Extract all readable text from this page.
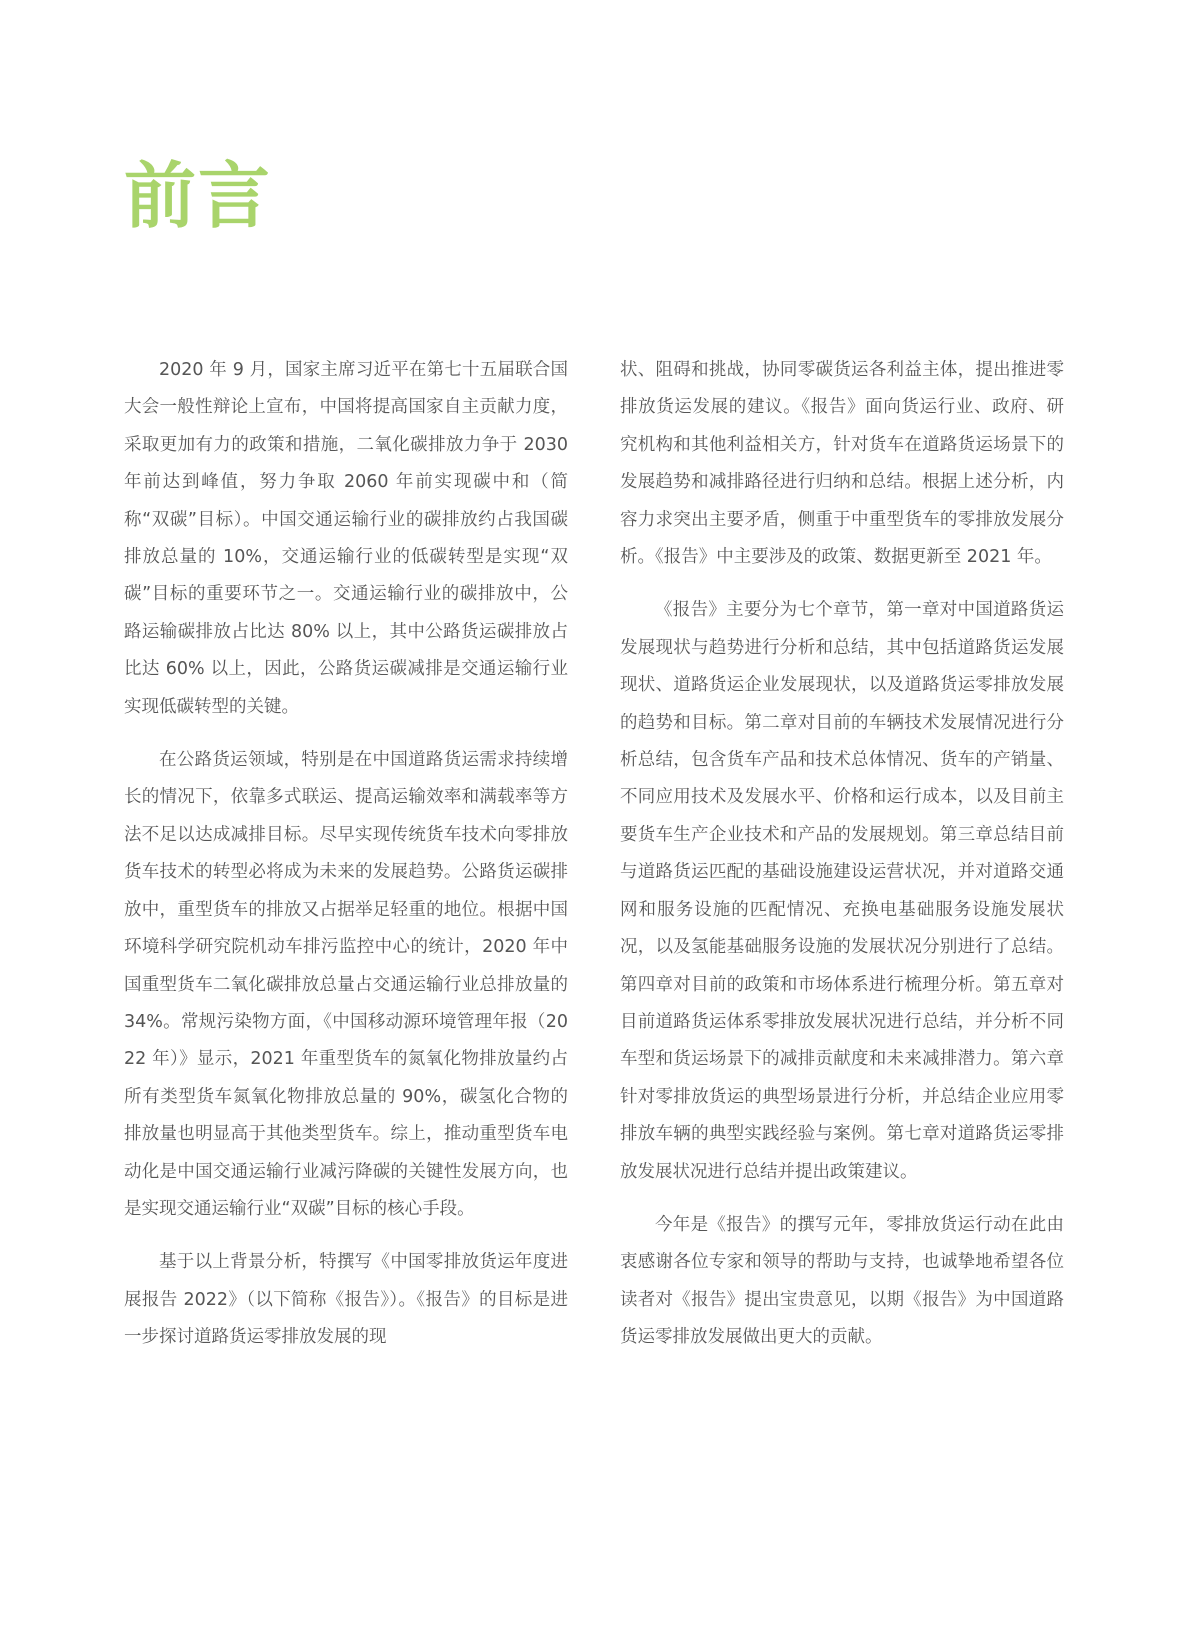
前言

2020 年 9 月，国家主席习近平在第七十五届联合国大会一般性辩论上宣布，中国将提高国家自主贡献力度，采取更加有力的政策和措施，二氧化碳排放力争于 2030 年前达到峰值，努力争取 2060 年前实现碳中和（简称“双碳”目标）。中国交通运输行业的碳排放约占我国碳排放总量的 10%，交通运输行业的低碳转型是实现“双碳”目标的重要环节之一。交通运输行业的碳排放中，公路运输碳排放占比达 80% 以上，其中公路货运碳排放占比达 60% 以上，因此，公路货运碳减排是交通运输行业实现低碳转型的关键。

在公路货运领域，特别是在中国道路货运需求持续增长的情况下，依靠多式联运、提高运输效率和满载率等方法不足以达成减排目标。尽早实现传统货车技术向零排放货车技术的转型必将成为未来的发展趋势。公路货运碳排放中，重型货车的排放又占据举足轻重的地位。根据中国环境科学研究院机动车排污监控中心的统计，2020 年中国重型货车二氧化碳排放总量占交通运输行业总排放量的 34%。常规污染物方面，《中国移动源环境管理年报（2022 年）》显示，2021 年重型货车的氮氧化物排放量约占所有类型货车氮氧化物排放总量的 90%，碳氢化合物的排放量也明显高于其他类型货车。综上，推动重型货车电动化是中国交通运输行业减污降碳的关键性发展方向，也是实现交通运输行业“双碳”目标的核心手段。

基于以上背景分析，特撰写《中国零排放货运年度进展报告 2022》（以下简称《报告》）。《报告》的目标是进一步探讨道路货运零排放发展的现

状、阻碍和挑战，协同零碳货运各利益主体，提出推进零排放货运发展的建议。《报告》面向货运行业、政府、研究机构和其他利益相关方，针对货车在道路货运场景下的发展趋势和减排路径进行归纳和总结。根据上述分析，内容力求突出主要矛盾，侧重于中重型货车的零排放发展分析。《报告》中主要涉及的政策、数据更新至 2021 年。

《报告》主要分为七个章节，第一章对中国道路货运发展现状与趋势进行分析和总结，其中包括道路货运发展现状、道路货运企业发展现状，以及道路货运零排放发展的趋势和目标。第二章对目前的车辆技术发展情况进行分析总结，包含货车产品和技术总体情况、货车的产销量、不同应用技术及发展水平、价格和运行成本，以及目前主要货车生产企业技术和产品的发展规划。第三章总结目前与道路货运匹配的基础设施建设运营状况，并对道路交通网和服务设施的匹配情况、充换电基础服务设施发展状况，以及氢能基础服务设施的发展状况分别进行了总结。第四章对目前的政策和市场体系进行梳理分析。第五章对目前道路货运体系零排放发展状况进行总结，并分析不同车型和货运场景下的减排贡献度和未来减排潜力。第六章针对零排放货运的典型场景进行分析，并总结企业应用零排放车辆的典型实践经验与案例。第七章对道路货运零排放发展状况进行总结并提出政策建议。

今年是《报告》的撰写元年，零排放货运行动在此由衷感谢各位专家和领导的帮助与支持，也诚挚地希望各位读者对《报告》提出宝贵意见，以期《报告》为中国道路货运零排放发展做出更大的贡献。
